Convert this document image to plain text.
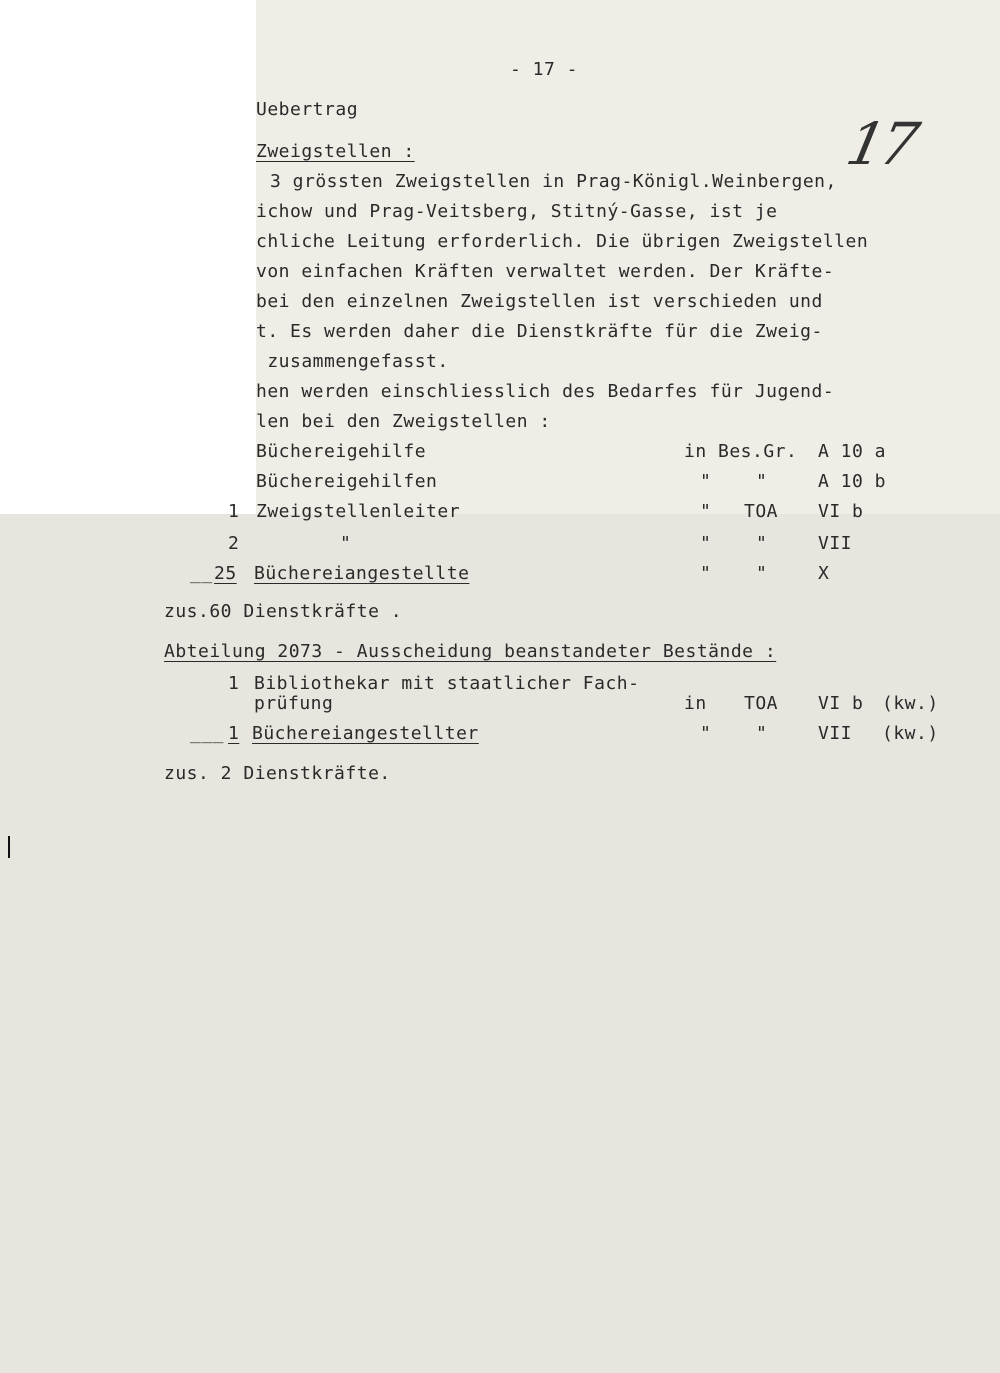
- 17 -
17
Uebertrag
Zweigstellen :
3 grössten Zweigstellen in Prag-Königl.Weinbergen,
ichow und Prag-Veitsberg, Stitný-Gasse, ist je
chliche Leitung erforderlich. Die übrigen Zweigstellen
von einfachen Kräften verwaltet werden. Der Kräfte-
bei den einzelnen Zweigstellen ist verschieden und
t. Es werden daher die Dienstkräfte für die Zweig-
zusammengefasst.
hen werden einschliesslich des Bedarfes für Jugend-
len bei den Zweigstellen :
Büchereigehilfe	in Bes.Gr. A 10 a
Büchereigehilfen	" "	A 10 b
1 Zweigstellenleiter	" TOA VI b
2	"	" "	VII
__ 25 Büchereiangestellte	" "	X
zus.60 Dienstkräfte .
Abteilung 2073 - Ausscheidung beanstandeter Bestände :
1 Bibliothekar mit staatlicher Fach-
prüfung	in TOA VI b (kw.)
___ 1 Büchereiangestellter	" "	VII (kw.)
zus. 2 Dienstkräfte.
